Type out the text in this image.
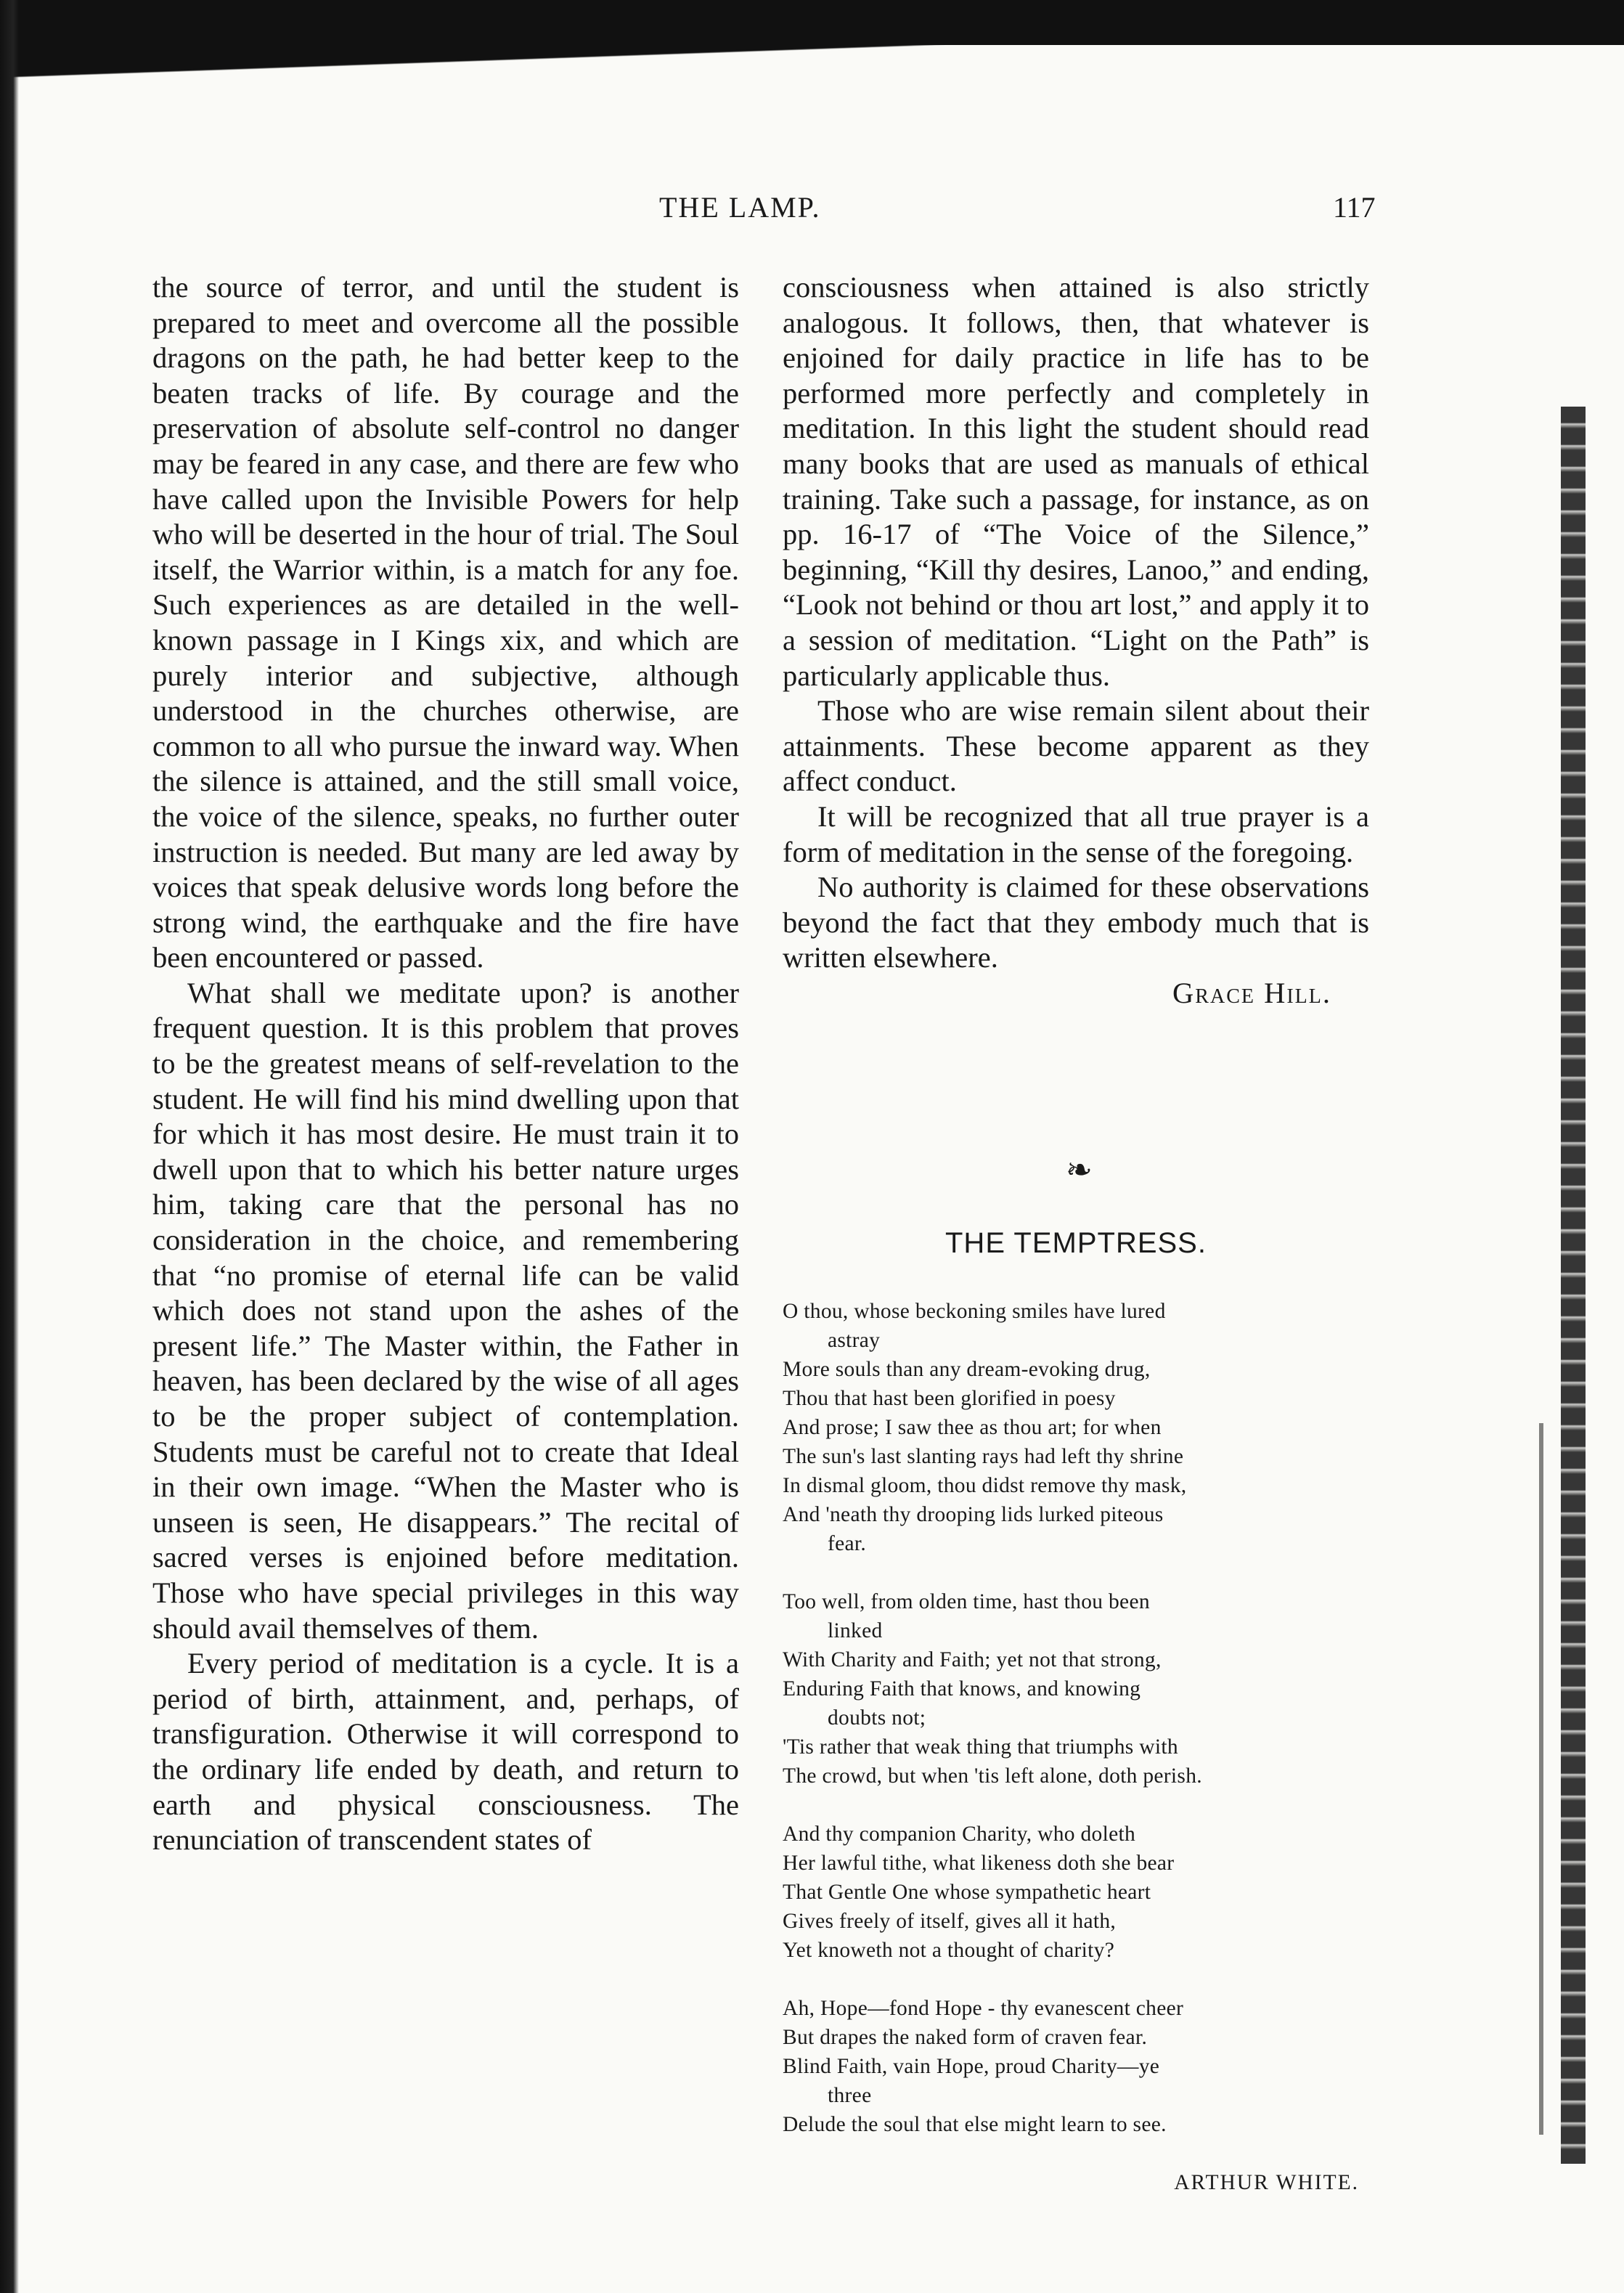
THE LAMP.	117

the source of terror, and until the student is prepared to meet and overcome all the possible dragons on the path, he had better keep to the beaten tracks of life. By courage and the preservation of absolute self-control no danger may be feared in any case, and there are few who have called upon the Invisible Powers for help who will be deserted in the hour of trial. The Soul itself, the Warrior within, is a match for any foe. Such experiences as are detailed in the well-known passage in I Kings xix, and which are purely interior and subjective, although understood in the churches otherwise, are common to all who pursue the inward way. When the silence is attained, and the still small voice, the voice of the silence, speaks, no further outer instruction is needed. But many are led away by voices that speak delusive words long before the strong wind, the earthquake and the fire have been encountered or passed.

What shall we meditate upon? is another frequent question. It is this problem that proves to be the greatest means of self-revelation to the student. He will find his mind dwelling upon that for which it has most desire. He must train it to dwell upon that to which his better nature urges him, taking care that the personal has no consideration in the choice, and remembering that “no promise of eternal life can be valid which does not stand upon the ashes of the present life.” The Master within, the Father in heaven, has been declared by the wise of all ages to be the proper subject of contemplation. Students must be careful not to create that Ideal in their own image. “When the Master who is unseen is seen, He disappears.” The recital of sacred verses is enjoined before meditation. Those who have special privileges in this way should avail themselves of them.

Every period of meditation is a cycle. It is a period of birth, attainment, and, perhaps, of transfiguration. Otherwise it will correspond to the ordinary life ended by death, and return to earth and physical consciousness. The renunciation of transcendent states of

consciousness when attained is also strictly analogous. It follows, then, that whatever is enjoined for daily practice in life has to be performed more perfectly and completely in meditation. In this light the student should read many books that are used as manuals of ethical training. Take such a passage, for instance, as on pp. 16-17 of “The Voice of the Silence,” beginning, “Kill thy desires, Lanoo,” and ending, “Look not behind or thou art lost,” and apply it to a session of meditation. “Light on the Path” is particularly applicable thus.

Those who are wise remain silent about their attainments. These become apparent as they affect conduct.

It will be recognized that all true prayer is a form of meditation in the sense of the foregoing.

No authority is claimed for these observations beyond the fact that they embody much that is written elsewhere.

Grace Hill.

❧
THE TEMPTRESS.
O thou, whose beckoning smiles have lured
astray
More souls than any dream-evoking drug,
Thou that hast been glorified in poesy
And prose; I saw thee as thou art; for when
The sun's last slanting rays had left thy shrine
In dismal gloom, thou didst remove thy mask,
And 'neath thy drooping lids lurked piteous
fear.
Too well, from olden time, hast thou been
linked
With Charity and Faith; yet not that strong,
Enduring Faith that knows, and knowing
doubts not;
'Tis rather that weak thing that triumphs with
The crowd, but when 'tis left alone, doth perish.
And thy companion Charity, who doleth
Her lawful tithe, what likeness doth she bear
That Gentle One whose sympathetic heart
Gives freely of itself, gives all it hath,
Yet knoweth not a thought of charity?
Ah, Hope—fond Hope - thy evanescent cheer
But drapes the naked form of craven fear.
Blind Faith, vain Hope, proud Charity—ye
three
Delude the soul that else might learn to see.
ARTHUR WHITE.
